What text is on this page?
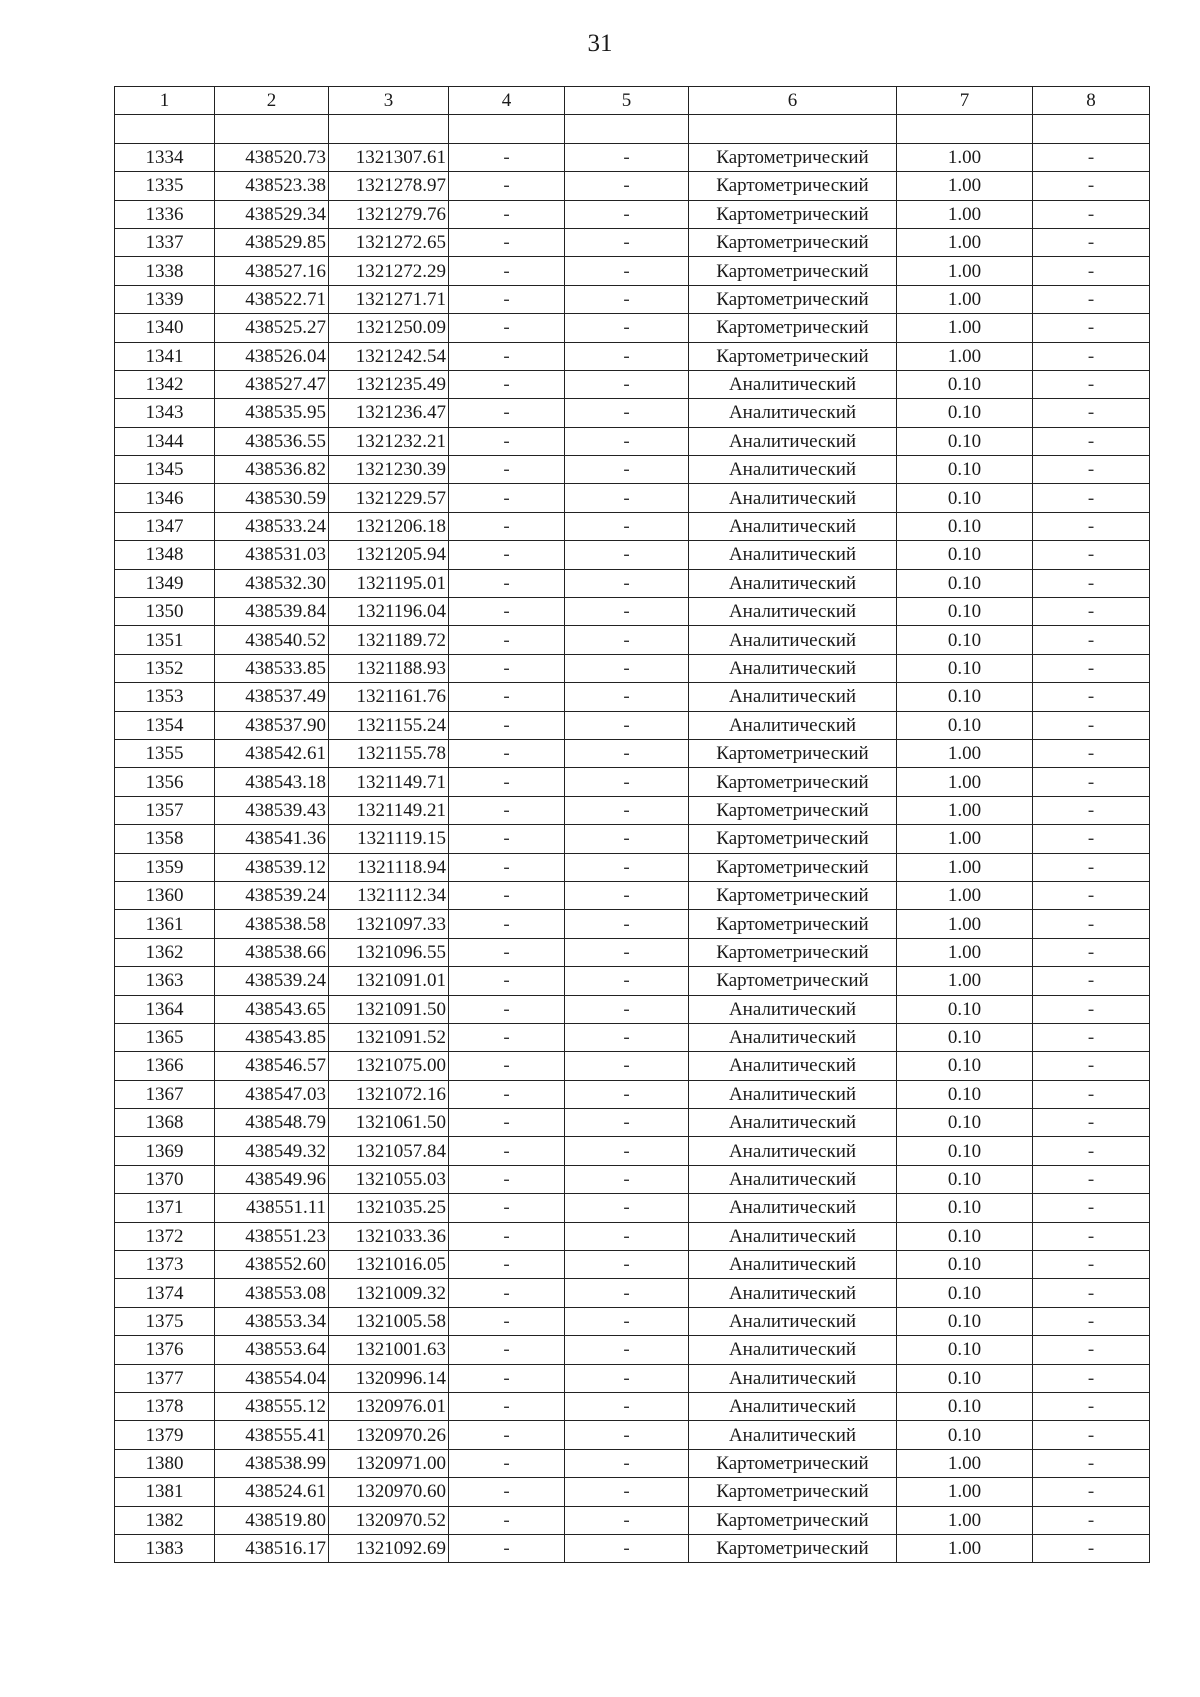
31
1	2	3	4	5	6	7	8

1334	438520.73	1321307.61	-	-	Картометрический	1.00	-
1335	438523.38	1321278.97	-	-	Картометрический	1.00	-
1336	438529.34	1321279.76	-	-	Картометрический	1.00	-
1337	438529.85	1321272.65	-	-	Картометрический	1.00	-
1338	438527.16	1321272.29	-	-	Картометрический	1.00	-
1339	438522.71	1321271.71	-	-	Картометрический	1.00	-
1340	438525.27	1321250.09	-	-	Картометрический	1.00	-
1341	438526.04	1321242.54	-	-	Картометрический	1.00	-
1342	438527.47	1321235.49	-	-	Аналитический	0.10	-
1343	438535.95	1321236.47	-	-	Аналитический	0.10	-
1344	438536.55	1321232.21	-	-	Аналитический	0.10	-
1345	438536.82	1321230.39	-	-	Аналитический	0.10	-
1346	438530.59	1321229.57	-	-	Аналитический	0.10	-
1347	438533.24	1321206.18	-	-	Аналитический	0.10	-
1348	438531.03	1321205.94	-	-	Аналитический	0.10	-
1349	438532.30	1321195.01	-	-	Аналитический	0.10	-
1350	438539.84	1321196.04	-	-	Аналитический	0.10	-
1351	438540.52	1321189.72	-	-	Аналитический	0.10	-
1352	438533.85	1321188.93	-	-	Аналитический	0.10	-
1353	438537.49	1321161.76	-	-	Аналитический	0.10	-
1354	438537.90	1321155.24	-	-	Аналитический	0.10	-
1355	438542.61	1321155.78	-	-	Картометрический	1.00	-
1356	438543.18	1321149.71	-	-	Картометрический	1.00	-
1357	438539.43	1321149.21	-	-	Картометрический	1.00	-
1358	438541.36	1321119.15	-	-	Картометрический	1.00	-
1359	438539.12	1321118.94	-	-	Картометрический	1.00	-
1360	438539.24	1321112.34	-	-	Картометрический	1.00	-
1361	438538.58	1321097.33	-	-	Картометрический	1.00	-
1362	438538.66	1321096.55	-	-	Картометрический	1.00	-
1363	438539.24	1321091.01	-	-	Картометрический	1.00	-
1364	438543.65	1321091.50	-	-	Аналитический	0.10	-
1365	438543.85	1321091.52	-	-	Аналитический	0.10	-
1366	438546.57	1321075.00	-	-	Аналитический	0.10	-
1367	438547.03	1321072.16	-	-	Аналитический	0.10	-
1368	438548.79	1321061.50	-	-	Аналитический	0.10	-
1369	438549.32	1321057.84	-	-	Аналитический	0.10	-
1370	438549.96	1321055.03	-	-	Аналитический	0.10	-
1371	438551.11	1321035.25	-	-	Аналитический	0.10	-
1372	438551.23	1321033.36	-	-	Аналитический	0.10	-
1373	438552.60	1321016.05	-	-	Аналитический	0.10	-
1374	438553.08	1321009.32	-	-	Аналитический	0.10	-
1375	438553.34	1321005.58	-	-	Аналитический	0.10	-
1376	438553.64	1321001.63	-	-	Аналитический	0.10	-
1377	438554.04	1320996.14	-	-	Аналитический	0.10	-
1378	438555.12	1320976.01	-	-	Аналитический	0.10	-
1379	438555.41	1320970.26	-	-	Аналитический	0.10	-
1380	438538.99	1320971.00	-	-	Картометрический	1.00	-
1381	438524.61	1320970.60	-	-	Картометрический	1.00	-
1382	438519.80	1320970.52	-	-	Картометрический	1.00	-
1383	438516.17	1321092.69	-	-	Картометрический	1.00	-
